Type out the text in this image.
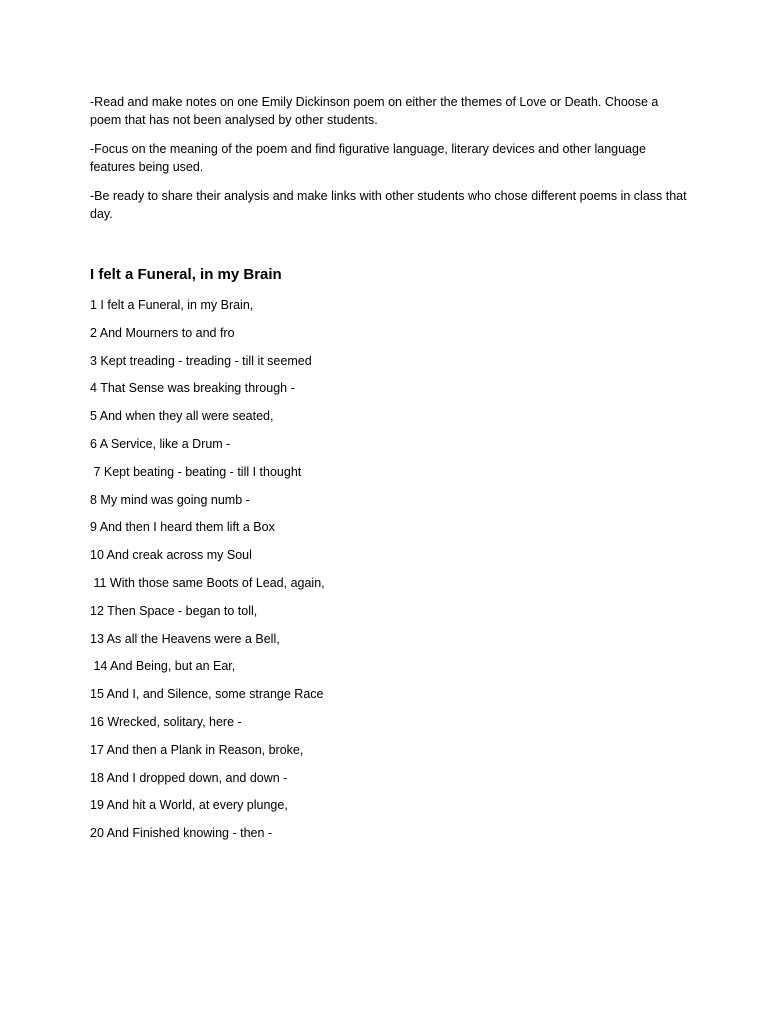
-Read and make notes on one Emily Dickinson poem on either the themes of Love or Death. Choose a poem that has not been analysed by other students.

-Focus on the meaning of the poem and find figurative language, literary devices and other language features being used.

-Be ready to share their analysis and make links with other students who chose different poems in class that day.

I felt a Funeral, in my Brain
1 I felt a Funeral, in my Brain,
2 And Mourners to and fro
3 Kept treading - treading - till it seemed
4 That Sense was breaking through -
5 And when they all were seated,
6 A Service, like a Drum -
7 Kept beating - beating - till I thought
8 My mind was going numb -
9 And then I heard them lift a Box
10 And creak across my Soul
11 With those same Boots of Lead, again,
12 Then Space - began to toll,
13 As all the Heavens were a Bell,
14 And Being, but an Ear,
15 And I, and Silence, some strange Race
16 Wrecked, solitary, here -
17 And then a Plank in Reason, broke,
18 And I dropped down, and down -
19 And hit a World, at every plunge,
20 And Finished knowing - then -
